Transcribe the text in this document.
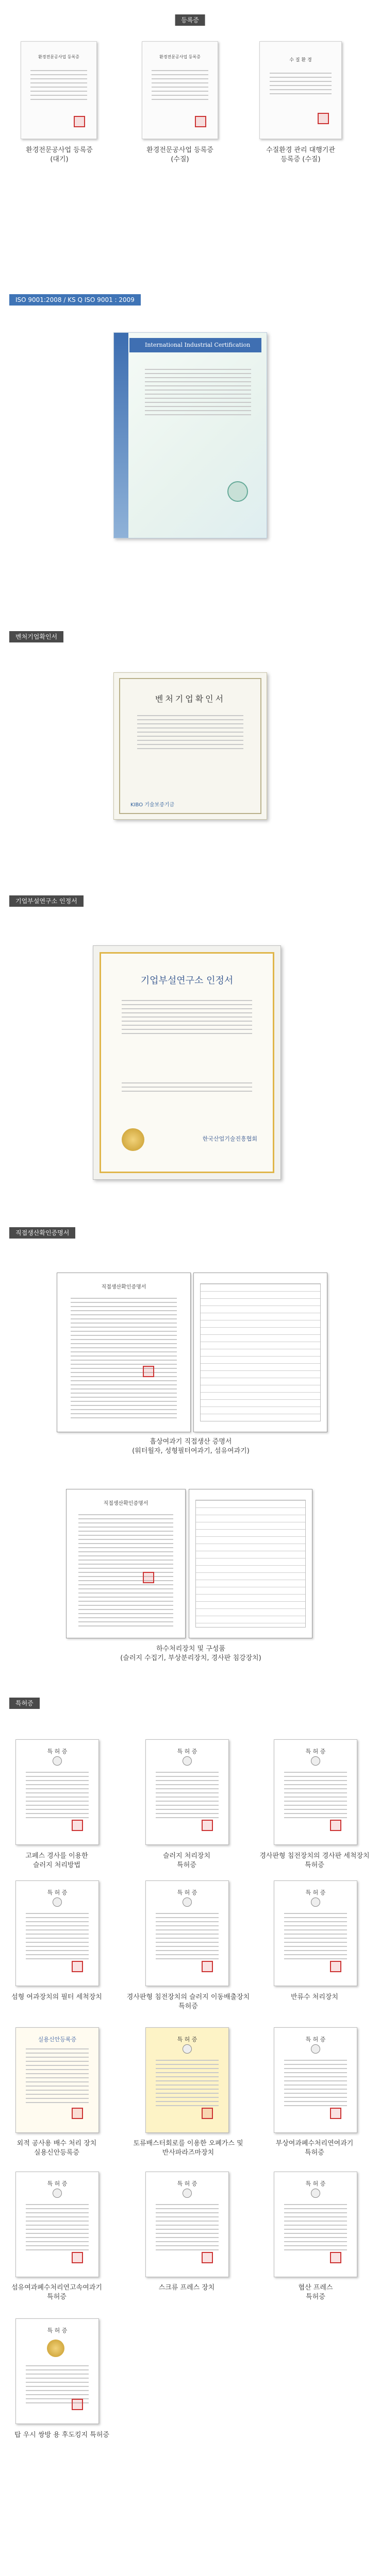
등록증
환경전문공사업 등록증	환경전문공사업 등록증
수 질 환 경
환경전문공사업 등록증
(대기)
환경전문공사업 등록증
(수질)
수질환경 관리 대행기관
등록증 (수질)
ISO 9001:2008 / KS Q ISO 9001 : 2009
International Industrial Certification
벤처기업확인서
벤처기업확인서
KIBO 기술보증기금
기업부설연구소 인정서
기업부설연구소 인정서
한국산업기술진흥협회
직접생산확인증명서
직접생산확인증명서
흡상여과기 직접생산 증명서
(워터월자, 성형필터여과기, 섬유여과기)
직접생산확인증명서
하수처리장치 및 구성품
(슬러지 수집기, 부상분리장치, 경사판 침강장치)
특허증
특 허 증	특 허 증	특 허 증
고페스 경사를 이용한
슬러지 처리방법
슬러지 처리장치
특허증
경사판형 침전장치의 경사판 세척장치
특허증
특 허 증	특 허 증	특 허 증
섬형 여과장치의 필터 세척장치	경사판형 침전장치의 슬러지 이동배출장치
특허증
반류수 처리장치
실용신안등록증	특 허 증	특 허 증
외적 공사용 배수 처리 장치
실용신안등록증
토류배스터회로를 이용한 오폐가스 및
반사파라즈마장치
부상여과폐수처리연여과기
특허증
특 허 증	특 허 증	특 허 증
섬유여과폐수처리연고속여과기
특허증
스크류 프레스 장치	협산 프레스
특허증
특 허 증
탑 우시 쌍방 용 후도킹지 특허증
